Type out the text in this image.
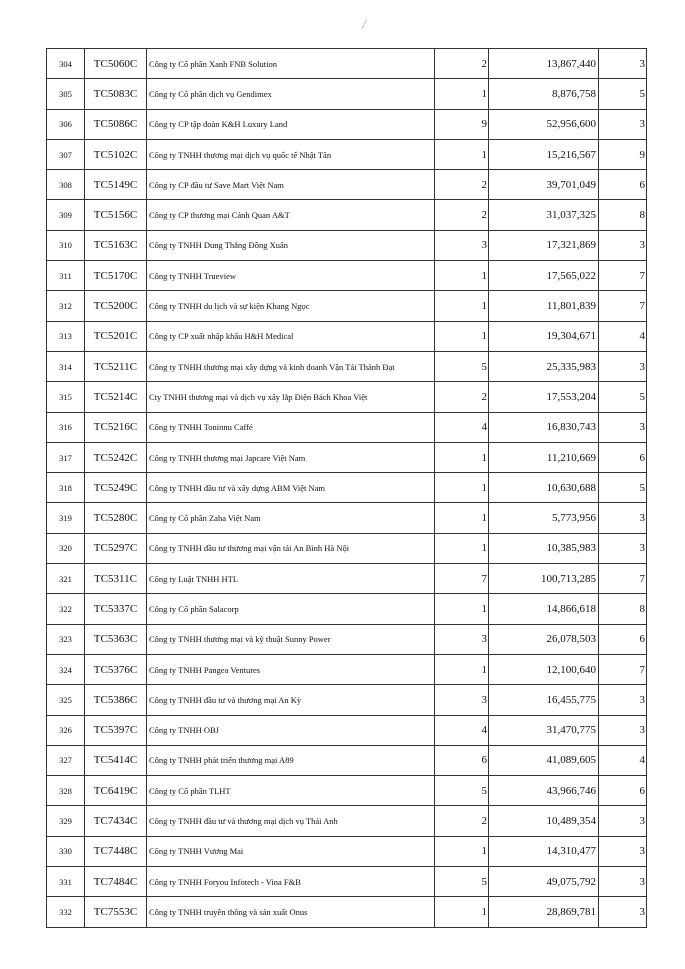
/
304	TC5060C	Công ty Cổ phần Xanh FNB Solution	2	13,867,440	3
305	TC5083C	Công ty Cổ phần dịch vụ Gendimex	1	8,876,758	5
306	TC5086C	Công ty CP tập đoàn K&H Luxury Land	9	52,956,600	3
307	TC5102C	Công ty TNHH thương mại dịch vụ quốc tế Nhật Tân	1	15,216,567	9
308	TC5149C	Công ty CP đầu tư Save Mart Việt Nam	2	39,701,049	6
309	TC5156C	Công ty CP thương mại Cảnh Quan A&T	2	31,037,325	8
310	TC5163C	Công ty TNHH Dung Thắng Đồng Xuân	3	17,321,869	3
311	TC5170C	Công ty TNHH Trueview	1	17,565,022	7
312	TC5200C	Công ty TNHH du lịch và sự kiện Khang Ngọc	1	11,801,839	7
313	TC5201C	Công ty CP xuất nhập khẩu H&H Medical	1	19,304,671	4
314	TC5211C	Công ty TNHH thương mại xây dựng và kinh doanh Vận Tải Thành Đạt	5	25,335,983	3
315	TC5214C	Cty TNHH thương mại và dịch vụ xây lắp Điện Bách Khoa Việt	2	17,553,204	5
316	TC5216C	Công ty TNHH Toninnu Caffé	4	16,830,743	3
317	TC5242C	Công ty TNHH thương mại Japcare Việt Nam	1	11,210,669	6
318	TC5249C	Công ty TNHH đầu tư và xây dựng ABM Việt Nam	1	10,630,688	5
319	TC5280C	Công ty Cổ phần Zaha Việt Nam	1	5,773,956	3
320	TC5297C	Công ty TNHH đầu tư thương mại vận tải An Bình Hà Nội	1	10,385,983	3
321	TC5311C	Công ty Luật TNHH HTL	7	100,713,285	7
322	TC5337C	Công ty Cổ phần Salacorp	1	14,866,618	8
323	TC5363C	Công ty TNHH thương mại và kỹ thuật Sunny Power	3	26,078,503	6
324	TC5376C	Công ty TNHH Pangea Ventures	1	12,100,640	7
325	TC5386C	Công ty TNHH đầu tư và thương mại An Kỳ	3	16,455,775	3
326	TC5397C	Công ty TNHH OBJ	4	31,470,775	3
327	TC5414C	Công ty TNHH phát triển thương mại A89	6	41,089,605	4
328	TC6419C	Công ty Cổ phần TLHT	5	43,966,746	6
329	TC7434C	Công ty TNHH đầu tư và thương mại dịch vụ Thái Anh	2	10,489,354	3
330	TC7448C	Công ty TNHH Vương Mai	1	14,310,477	3
331	TC7484C	Công ty TNHH Foryou Infotech - Vina F&B	5	49,075,792	3
332	TC7553C	Công ty TNHH truyền thông và sản xuất Onus	1	28,869,781	3
